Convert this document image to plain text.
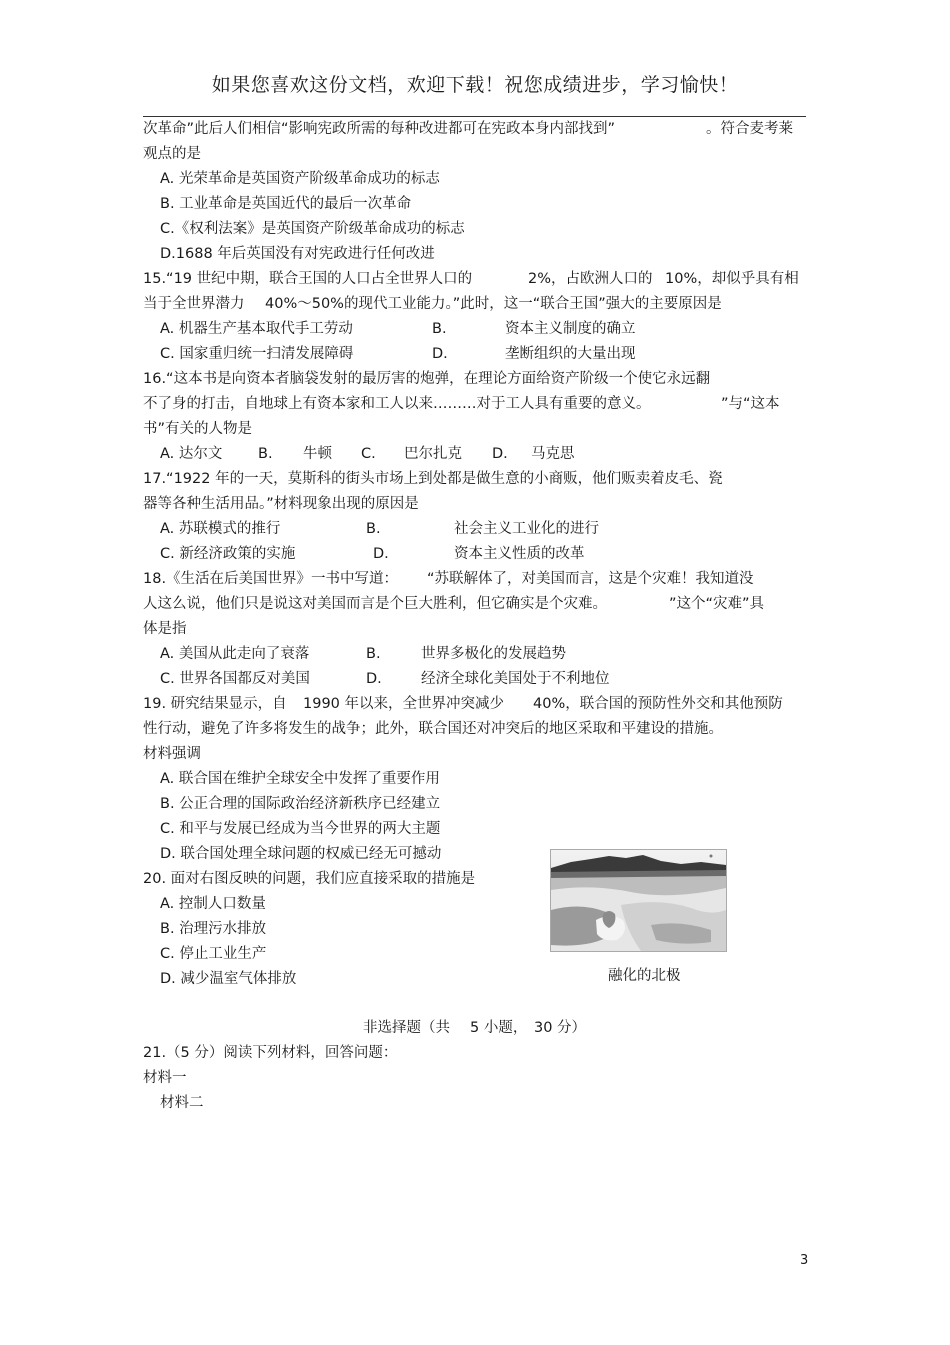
如果您喜欢这份文档，欢迎下载！祝您成绩进步，学习愉快！
次革命”此后人们相信“影响宪政所需的每种改进都可在宪政本身内部找到”	。符合麦考莱
观点的是
A. 光荣革命是英国资产阶级革命成功的标志
B. 工业革命是英国近代的最后一次革命
C.《权利法案》是英国资产阶级革命成功的标志
D.1688 年后英国没有对宪政进行任何改进
15.“19 世纪中期，联合王国的人口占全世界人口的	2%，占欧洲人口的 10%，却似乎具有相
当于全世界潜力 40%～50%的现代工业能力。”此时，这一“联合王国”强大的主要原因是
A. 机器生产基本取代手工劳动	B.	资本主义制度的确立
C. 国家重归统一扫清发展障碍	D.	垄断组织的大量出现
16.“这本书是向资本者脑袋发射的最厉害的炮弹，在理论方面给资产阶级一个使它永远翻
不了身的打击，自地球上有资本家和工人以来………对于工人具有重要的意义。	”与“这本
书”有关的人物是
A. 达尔文 B. 牛顿 C. 巴尔扎克 D. 马克思
17.“1922 年的一天，莫斯科的街头市场上到处都是做生意的小商贩，他们贩卖着皮毛、瓷
器等各种生活用品。”材料现象出现的原因是
A. 苏联模式的推行	B.	社会主义工业化的进行
C. 新经济政策的实施	D.	资本主义性质的改革
18.《生活在后美国世界》一书中写道： “苏联解体了，对美国而言，这是个灾难！我知道没
人这么说，他们只是说这对美国而言是个巨大胜利，但它确实是个灾难。	”这个“灾难”具
体是指
A. 美国从此走向了衰落	B.	世界多极化的发展趋势
C. 世界各国都反对美国	D.	经济全球化美国处于不利地位
19. 研究结果显示，自 1990 年以来，全世界冲突减少 40%，联合国的预防性外交和其他预防
性行动，避免了许多将发生的战争；此外，联合国还对冲突后的地区采取和平建设的措施。
材料强调
A. 联合国在维护全球安全中发挥了重要作用
B. 公正合理的国际政治经济新秩序已经建立
C. 和平与发展已经成为当今世界的两大主题
D. 联合国处理全球问题的权威已经无可撼动
20. 面对右图反映的问题，我们应直接采取的措施是
A. 控制人口数量
B. 治理污水排放
C. 停止工业生产
D. 减少温室气体排放	融化的北极
非选择题（共 5 小题， 30 分）
21.（5 分）阅读下列材料，回答问题：
材料一
材料二
3
